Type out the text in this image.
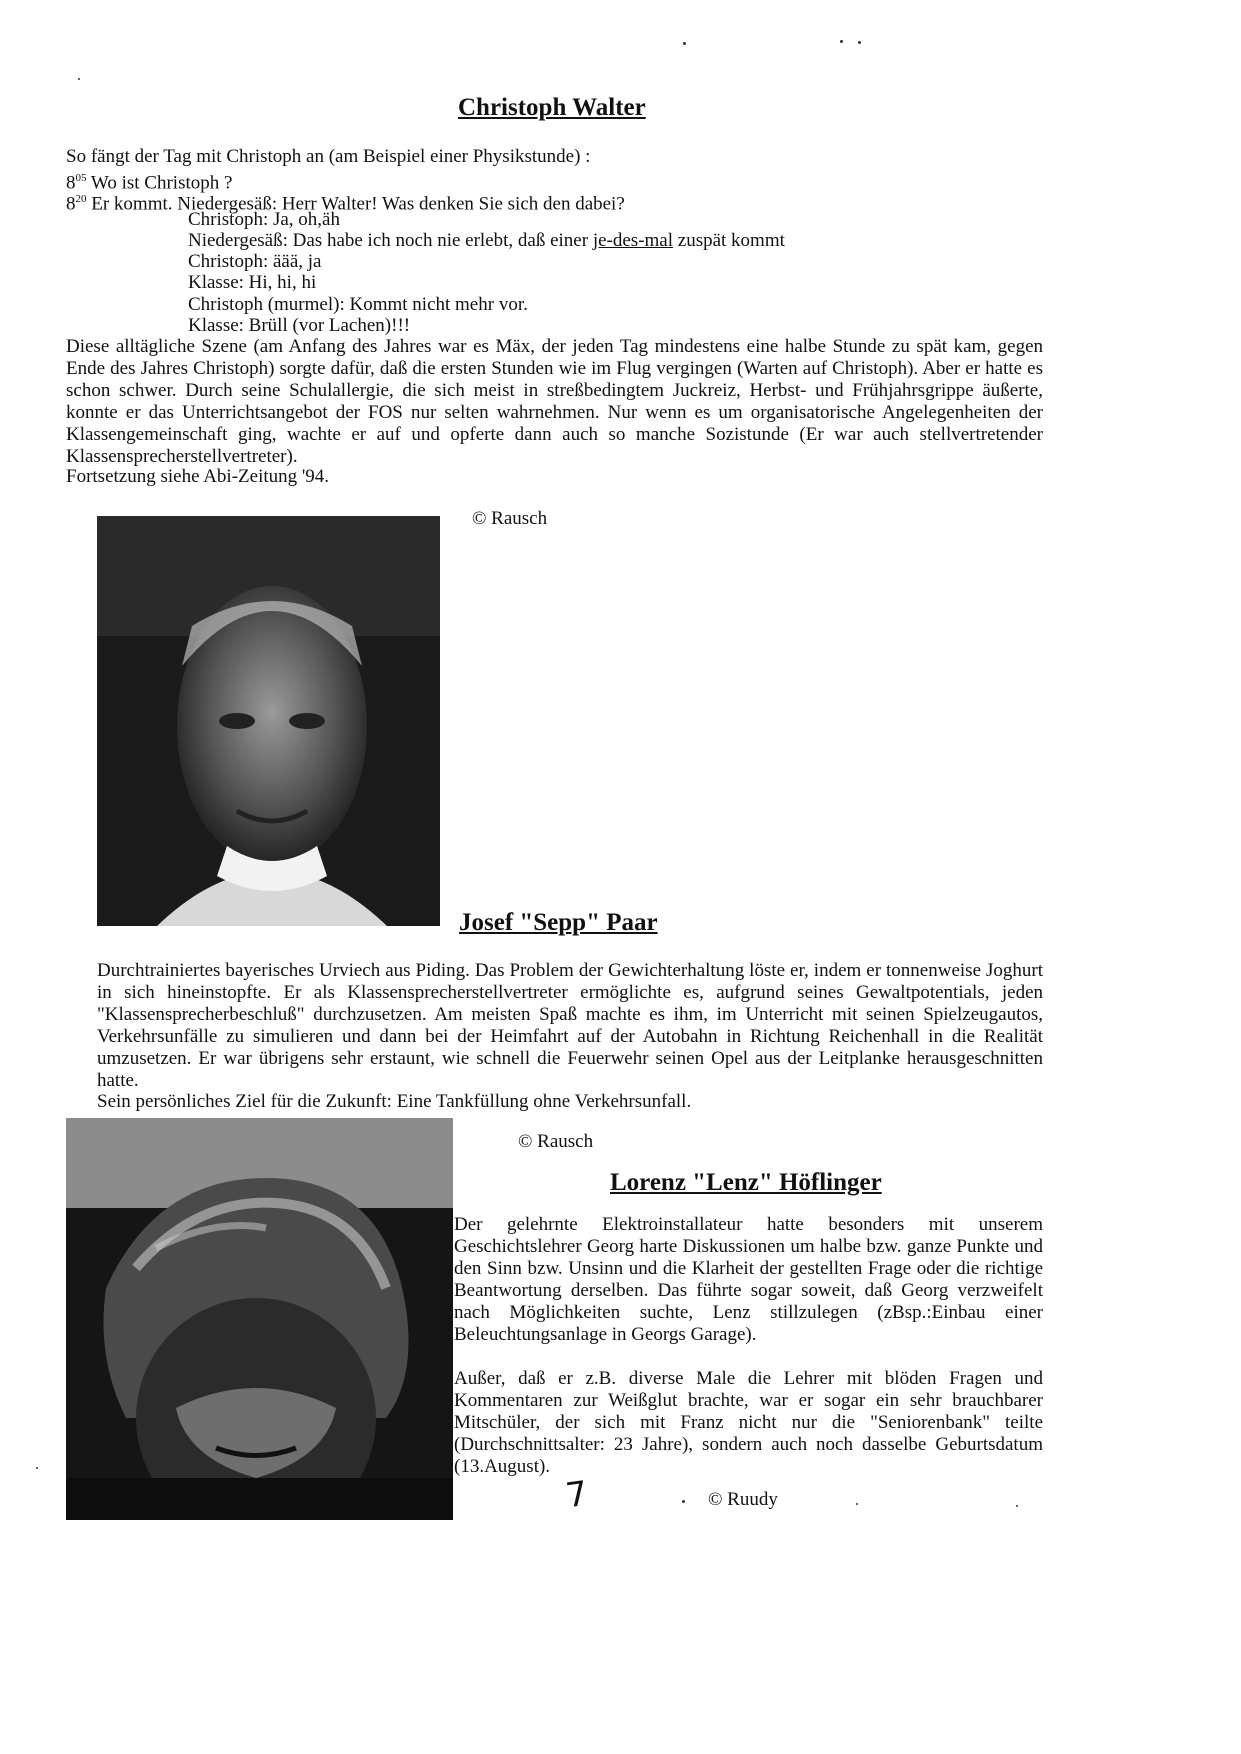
Christoph Walter
So fängt der Tag mit Christoph an (am Beispiel einer Physikstunde) :
$8^{05}$ Wo ist Christoph ?
$8^{20}$ Er kommt. Niedergesäß: Herr Walter! Was denken Sie sich den dabei?
Christoph: Ja, oh,äh
Niedergesäß: Das habe ich noch nie erlebt, daß einer je-des-mal zuspät kommt
Christoph: äää, ja
Klasse: Hi, hi, hi
Christoph (murmel): Kommt nicht mehr vor.
Klasse: Brüll (vor Lachen)!!!

Diese alltägliche Szene (am Anfang des Jahres war es Mäx, der jeden Tag mindestens eine halbe Stunde zu spät kam, gegen Ende des Jahres Christoph) sorgte dafür, daß die ersten Stunden wie im Flug vergingen (Warten auf Christoph). Aber er hatte es schon schwer. Durch seine Schulallergie, die sich meist in streßbedingtem Juckreiz, Herbst- und Frühjahrsgrippe äußerte, konnte er das Unterrichtsangebot der FOS nur selten wahrnehmen. Nur wenn es um organisatorische Angelegenheiten der Klassengemeinschaft ging, wachte er auf und opferte dann auch so manche Sozistunde (Er war auch stellvertretender Klassensprecherstellvertreter).

Fortsetzung siehe Abi-Zeitung '94.
© Rausch
Josef "Sepp" Paar

Durchtrainiertes bayerisches Urviech aus Piding. Das Problem der Gewichterhaltung löste er, indem er tonnenweise Joghurt in sich hineinstopfte. Er als Klassensprecherstellvertreter ermöglichte es, aufgrund seines Gewaltpotentials, jeden "Klassensprecherbeschluß" durchzusetzen. Am meisten Spaß machte es ihm, im Unterricht mit seinen Spielzeugautos, Verkehrsunfälle zu simulieren und dann bei der Heimfahrt auf der Autobahn in Richtung Reichenhall in die Realität umzusetzen. Er war übrigens sehr erstaunt, wie schnell die Feuerwehr seinen Opel aus der Leitplanke herausgeschnitten hatte.

Sein persönliches Ziel für die Zukunft: Eine Tankfüllung ohne Verkehrsunfall.
© Rausch
Lorenz "Lenz" Höflinger

Der gelehrnte Elektroinstallateur hatte besonders mit unserem Geschichtslehrer Georg harte Diskussionen um halbe bzw. ganze Punkte und den Sinn bzw. Unsinn und die Klarheit der gestellten Frage oder die richtige Beantwortung derselben. Das führte sogar soweit, daß Georg verzweifelt nach Möglichkeiten suchte, Lenz stillzulegen (zBsp.:Einbau einer Beleuchtungsanlage in Georgs Garage).

Außer, daß er z.B. diverse Male die Lehrer mit blöden Fragen und Kommentaren zur Weißglut brachte, war er sogar ein sehr brauchbarer Mitschüler, der sich mit Franz nicht nur die "Seniorenbank" teilte (Durchschnittsalter: 23 Jahre), sondern auch noch dasselbe Geburtsdatum (13.August).

7	© Ruudy
